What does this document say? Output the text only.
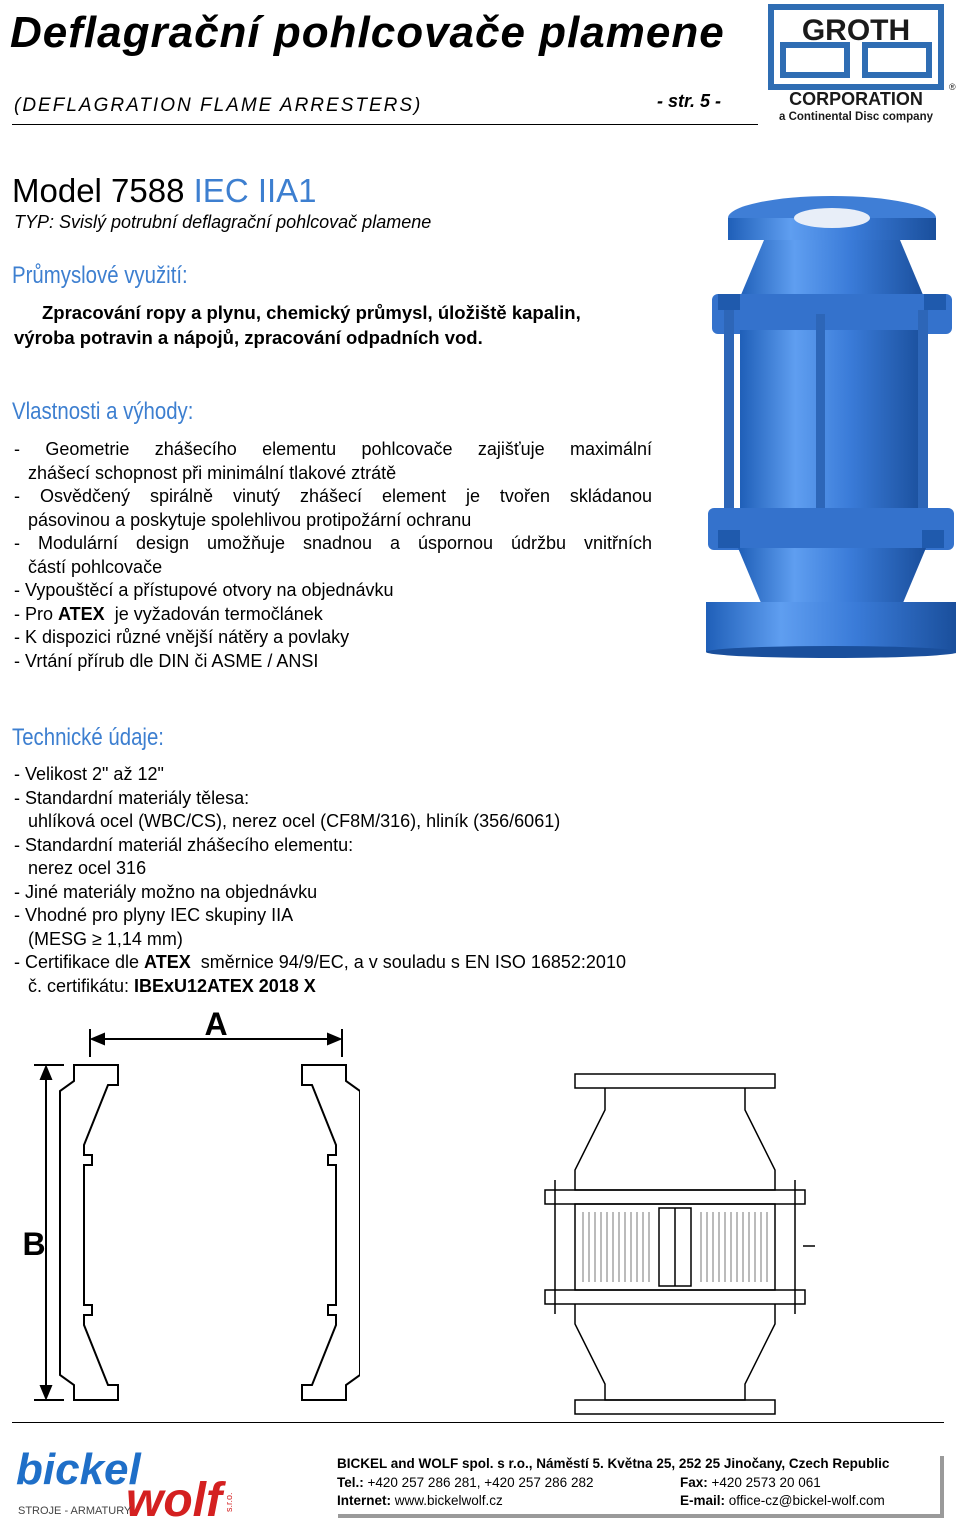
Deflagrační pohlcovače plamene
(DEFLAGRATION FLAME ARRESTERS)	- str. 5 -
GROTH
CORPORATION
a Continental Disc company
®
Model 7588 IEC IIA1
TYP: Svislý potrubní deflagrační pohlcovač plamene
Průmyslové využití:
Zpracování ropy a plynu, chemický průmysl, úložiště kapalin,
výroba potravin a nápojů, zpracování odpadních vod.
Vlastnosti a výhody:
- Geometrie zhášecího elementu pohlcovače zajišťuje maximální
zhášecí schopnost při minimální tlakové ztrátě
- Osvědčený spirálně vinutý zhášecí element je tvořen skládanou
pásovinou a poskytuje spolehlivou protipožární ochranu
- Modulární design umožňuje snadnou a úspornou údržbu vnitřních
částí pohlcovače
- Vypouštěcí a přístupové otvory na objednávku
- Pro ATEX  je vyžadován termočlánek
- K dispozici různé vnější nátěry a povlaky
- Vrtání přírub dle DIN či ASME / ANSI
Technické údaje:
- Velikost 2" až 12"
- Standardní materiály tělesa:
uhlíková ocel (WBC/CS), nerez ocel (CF8M/316), hliník (356/6061)
- Standardní materiál zhášecího elementu:
nerez ocel 316
- Jiné materiály možno na objednávku
- Vhodné pro plyny IEC skupiny IIA
(MESG ≥ 1,14 mm)
- Certifikace dle ATEX  směrnice 94/9/EC, a v souladu s EN ISO 16852:2010
č. certifikátu: IBExU12ATEX 2018 X
A
B
bickel
wolf
STROJE - ARMATURY	s.r.o.
BICKEL and WOLF spol. s r.o., Náměstí 5. Května 25, 252 25 Jinočany, Czech Republic
Tel.: +420 257 286 281, +420 257 286 282	Fax: +420 2573 20 061
Internet: www.bickelwolf.cz	E-mail: office-cz@bickel-wolf.com
